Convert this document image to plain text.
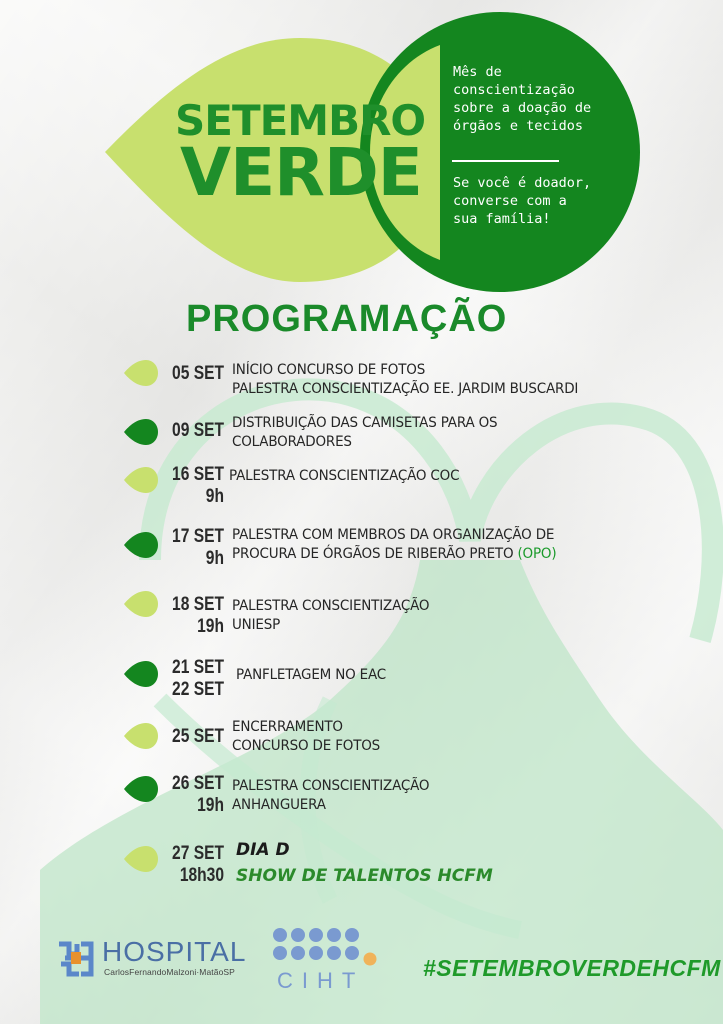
SETEMBRO
VERDE
Mês de conscientização sobre a doação de órgãos e tecidos
Se você é doador, converse com a sua família!
PROGRAMAÇÃO
05 SET INÍCIO CONCURSO DE FOTOS
PALESTRA CONSCIENTIZAÇÃO EE. JARDIM BUSCARDI
09 SET DISTRIBUIÇÃO DAS CAMISETAS PARA OS
COLABORADORES
16 SET
9h
PALESTRA CONSCIENTIZAÇÃO COC
17 SET
9h
PALESTRA COM MEMBROS DA ORGANIZAÇÃO DE
PROCURA DE ÓRGÃOS DE RIBERÃO PRETO (OPO)
18 SET
19h
PALESTRA CONSCIENTIZAÇÃO
UNIESP
21 SET
22 SET
PANFLETAGEM NO EAC
25 SET ENCERRAMENTO
CONCURSO DE FOTOS
26 SET
19h
PALESTRA CONSCIENTIZAÇÃO
ANHANGUERA
27 SET
18h30
DIA D
SHOW DE TALENTOS HCFM
HOSPITAL
CarlosFernandoMalzoni·MatãoSP CIHT	#SETEMBROVERDEHCFM
